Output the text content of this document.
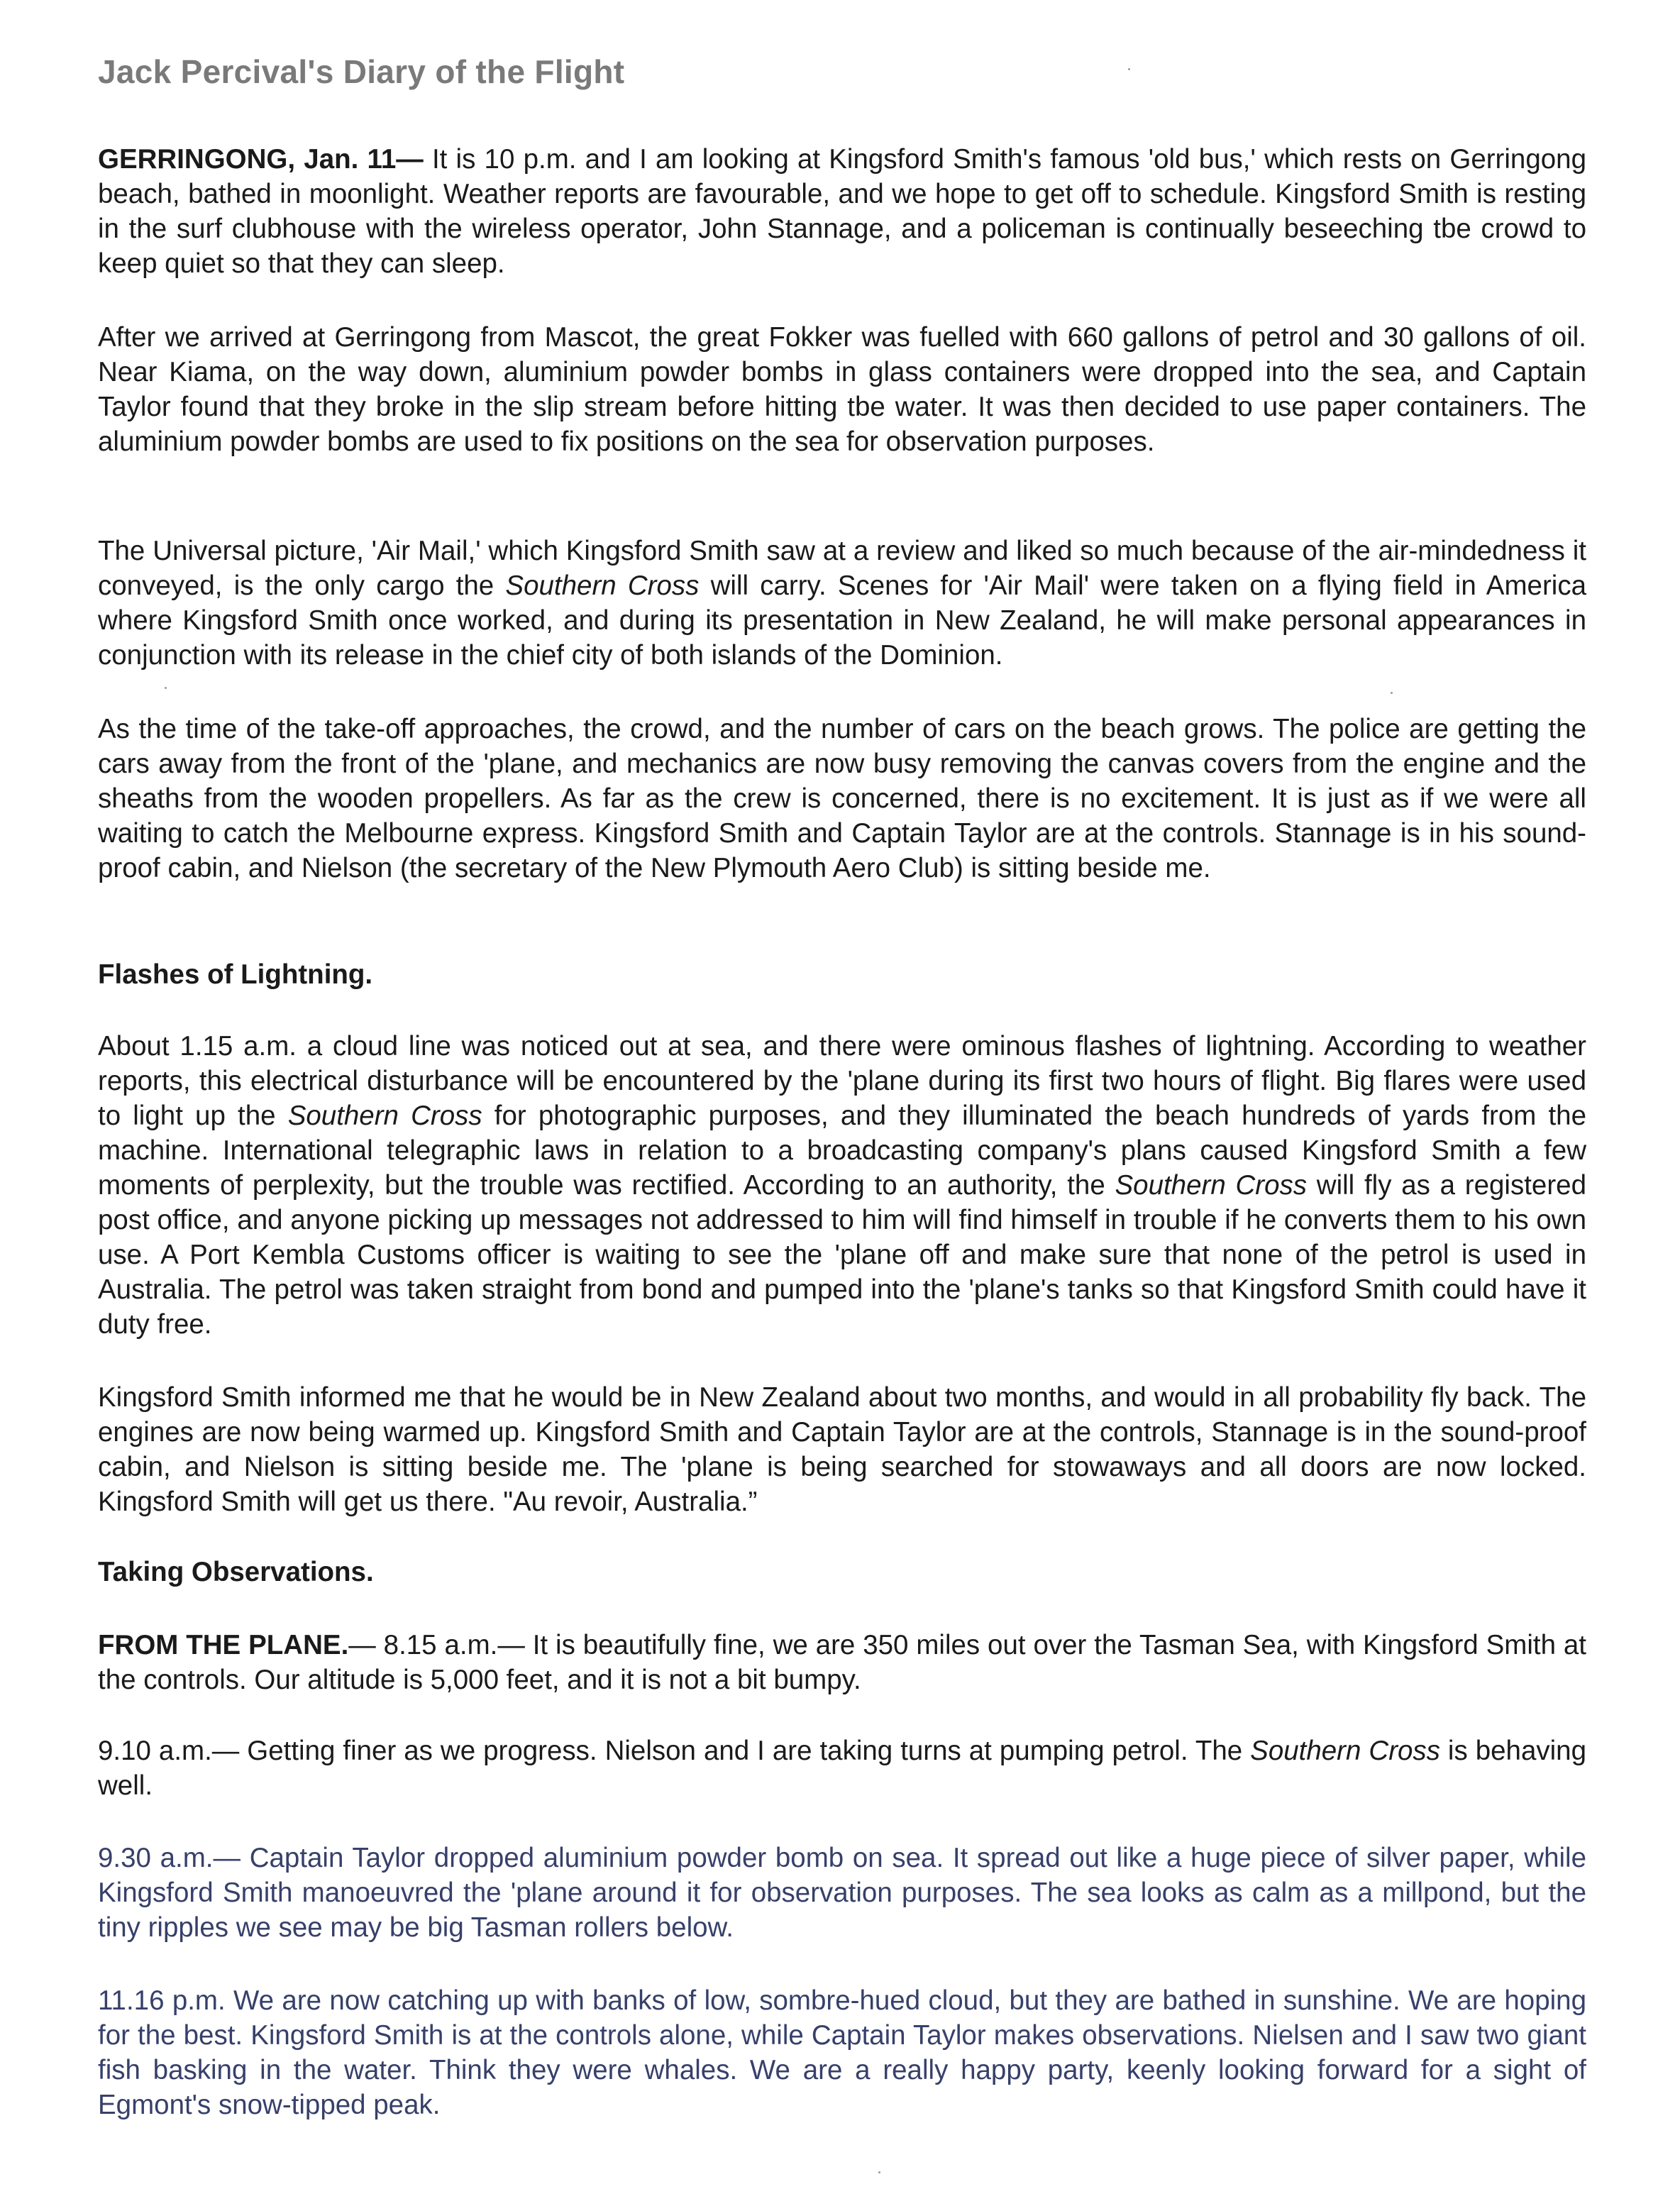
Jack Percival's Diary of the Flight

GERRINGONG, Jan. 11— It is 10 p.m. and I am looking at Kingsford Smith's famous 'old bus,' which rests on Gerringong beach, bathed in moonlight. Weather reports are favourable, and we hope to get off to schedule. Kingsford Smith is resting in the surf clubhouse with the wireless operator, John Stannage, and a policeman is continually beseeching tbe crowd to keep quiet so that they can sleep.

After we arrived at Gerringong from Mascot, the great Fokker was fuelled with 660 gallons of petrol and 30 gallons of oil. Near Kiama, on the way down, aluminium powder bombs in glass containers were dropped into the sea, and Captain Taylor found that they broke in the slip stream before hitting tbe water. It was then decided to use paper containers. The aluminium powder bombs are used to fix positions on the sea for observation purposes.

The Universal picture, 'Air Mail,' which Kingsford Smith saw at a review and liked so much because of the air-mindedness it conveyed, is the only cargo the Southern Cross will carry. Scenes for 'Air Mail' were taken on a flying field in America where Kingsford Smith once worked, and during its presentation in New Zealand, he will make personal appearances in conjunction with its release in the chief city of both islands of the Dominion.

As the time of the take-off approaches, the crowd, and the number of cars on the beach grows. The police are getting the cars away from the front of the 'plane, and mechanics are now busy removing the canvas covers from the engine and the sheaths from the wooden propellers. As far as the crew is concerned, there is no excitement. It is just as if we were all waiting to catch the Melbourne express. Kingsford Smith and Captain Taylor are at the controls. Stannage is in his sound-proof cabin, and Nielson (the secretary of the New Plymouth Aero Club) is sitting beside me.

Flashes of Lightning.

About 1.15 a.m. a cloud line was noticed out at sea, and there were ominous flashes of lightning. According to weather reports, this electrical disturbance will be encountered by the 'plane during its first two hours of flight. Big flares were used to light up the Southern Cross for photographic purposes, and they illuminated the beach hundreds of yards from the machine. International telegraphic laws in relation to a broadcasting company's plans caused Kingsford Smith a few moments of perplexity, but the trouble was rectified. According to an authority, the Southern Cross will fly as a registered post office, and anyone picking up messages not addressed to him will find himself in trouble if he converts them to his own use. A Port Kembla Customs officer is waiting to see the 'plane off and make sure that none of the petrol is used in Australia. The petrol was taken straight from bond and pumped into the 'plane's tanks so that Kingsford Smith could have it duty free.

Kingsford Smith informed me that he would be in New Zealand about two months, and would in all probability fly back. The engines are now being warmed up. Kingsford Smith and Captain Taylor are at the controls, Stannage is in the sound-proof cabin, and Nielson is sitting beside me. The 'plane is being searched for stowaways and all doors are now locked. Kingsford Smith will get us there. "Au revoir, Australia.”

Taking Observations.

FROM THE PLANE.— 8.15 a.m.— It is beautifully fine, we are 350 miles out over the Tasman Sea, with Kingsford Smith at the controls. Our altitude is 5,000 feet, and it is not a bit bumpy.

9.10 a.m.— Getting finer as we progress. Nielson and I are taking turns at pumping petrol. The Southern Cross is behaving well.

9.30 a.m.— Captain Taylor dropped aluminium powder bomb on sea. It spread out like a huge piece of silver paper, while Kingsford Smith manoeuvred the 'plane around it for observation purposes. The sea looks as calm as a millpond, but the tiny ripples we see may be big Tasman rollers below.

11.16 p.m. We are now catching up with banks of low, sombre-hued cloud, but they are bathed in sunshine. We are hoping for the best. Kingsford Smith is at the controls alone, while Captain Taylor makes observations. Nielsen and I saw two giant fish basking in the water. Think they were whales. We are a really happy party, keenly looking forward for a sight of Egmont's snow-tipped peak.
